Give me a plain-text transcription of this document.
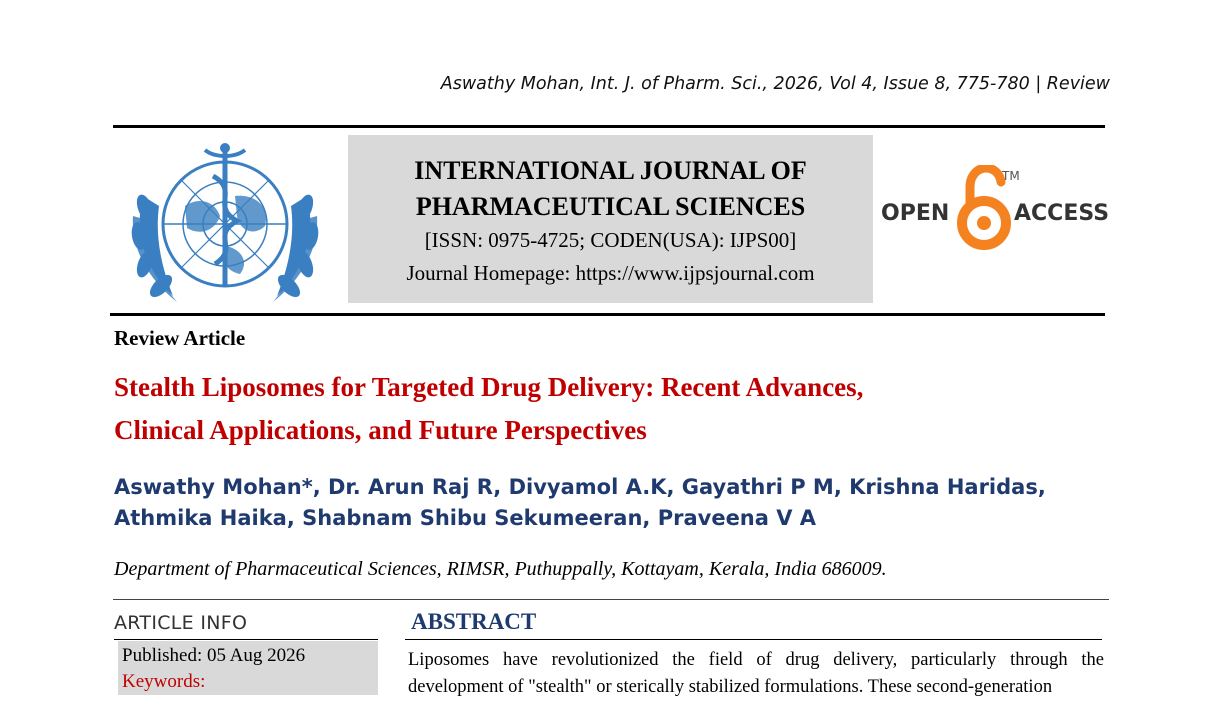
Aswathy Mohan, Int. J. of Pharm. Sci., 2026, Vol 4, Issue 8, 775-780 | Review
INTERNATIONAL JOURNAL OF
PHARMACEUTICAL SCIENCES
[ISSN: 0975-4725; CODEN(USA): IJPS00]
Journal Homepage: https://www.ijpsjournal.com
OPEN	ACCESS
TM
Review Article
Stealth Liposomes for Targeted Drug Delivery: Recent Advances,
Clinical Applications, and Future Perspectives
Aswathy Mohan*, Dr. Arun Raj R, Divyamol A.K, Gayathri P M, Krishna Haridas,
Athmika Haika, Shabnam Shibu Sekumeeran, Praveena V A
Department of Pharmaceutical Sciences, RIMSR, Puthuppally, Kottayam, Kerala, India 686009.
ARTICLE INFO
Published: 05 Aug 2026
Keywords:
ABSTRACT
Liposomes have revolutionized the field of drug delivery, particularly through the development of "stealth" or sterically stabilized formulations. These second-generation
